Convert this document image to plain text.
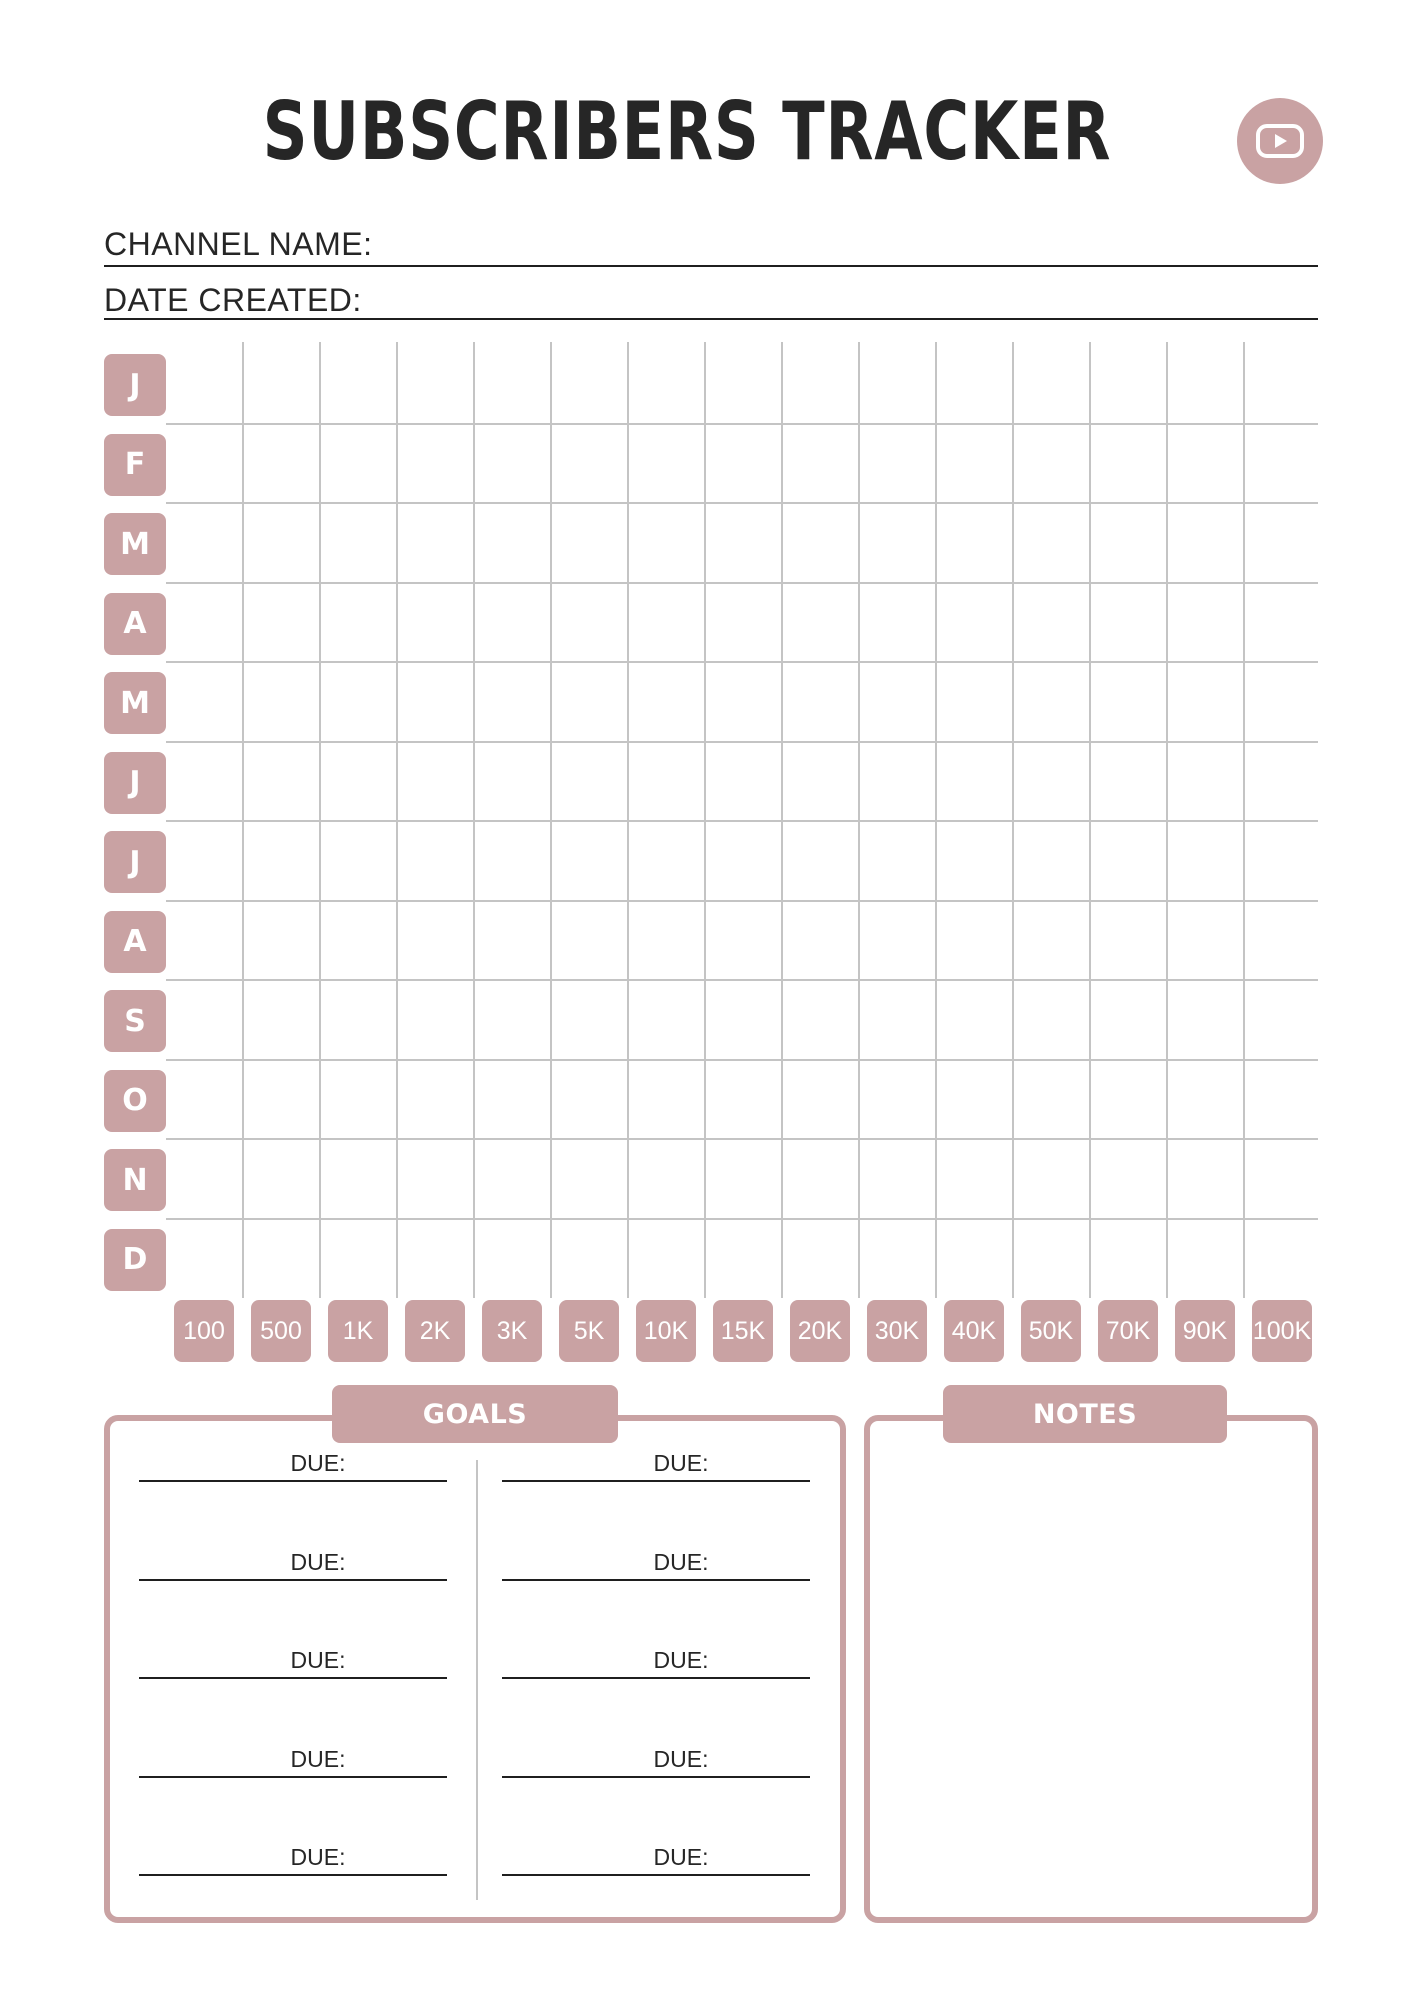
SUBSCRIBERS TRACKER
CHANNEL NAME:
DATE CREATED:
J
F
M
A
M
J
J
A
S
O
N
D
100	500	1K	2K	3K	5K	10K	15K	20K	30K	40K	50K	70K	90K	100K
GOALS
DUE:
DUE:
DUE:
DUE:
DUE:
DUE:
DUE:
DUE:
DUE:
DUE:
NOTES
